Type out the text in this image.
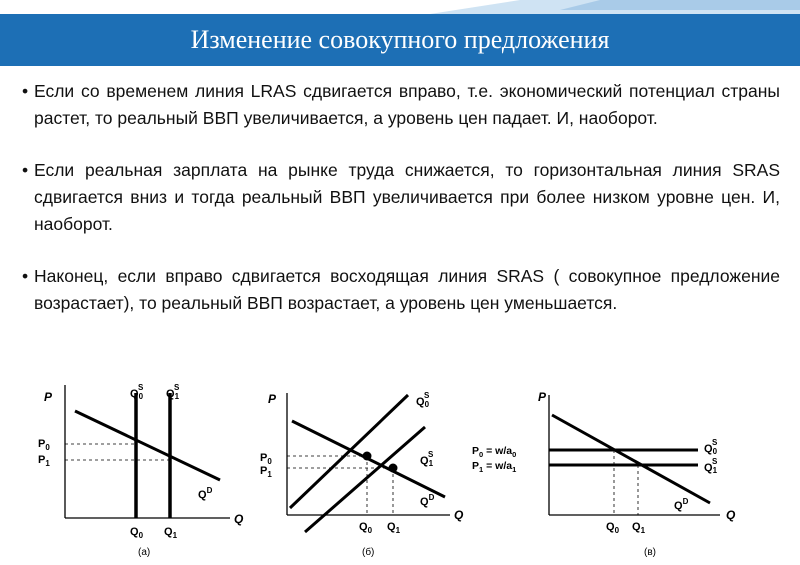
Изменение совокупного предложения

• Если со временем линия LRAS сдвигается вправо, т.е. экономический потенциал страны растет, то реальный ВВП увеличивается, а уровень цен падает. И, наоборот.

• Если реальная зарплата на рынке труда снижается, то горизонтальная линия SRAS сдвигается вниз и тогда реальный ВВП увеличивается при более низком уровне цен. И, наоборот.

• Наконец, если вправо сдвигается восходящая линия SRAS ( совокупное предложение возрастает), то реальный ВВП возрастает, а уровень цен уменьшается.

P
Q
$P_0$
$P_1$
$Q_0$ $Q_1$
Q0S
Q1S
$Q^D$
(а)
P
Q
$P_0$
$P_1$
$Q_0$ $Q_1$
Q0S
Q1S
$Q^D$
(б)
P
Q
$P_0 = w/a_0$
$P_1 = w/a_1$
$Q_0$ $Q_1$
Q0S
Q1S
$Q^D$
(в)
